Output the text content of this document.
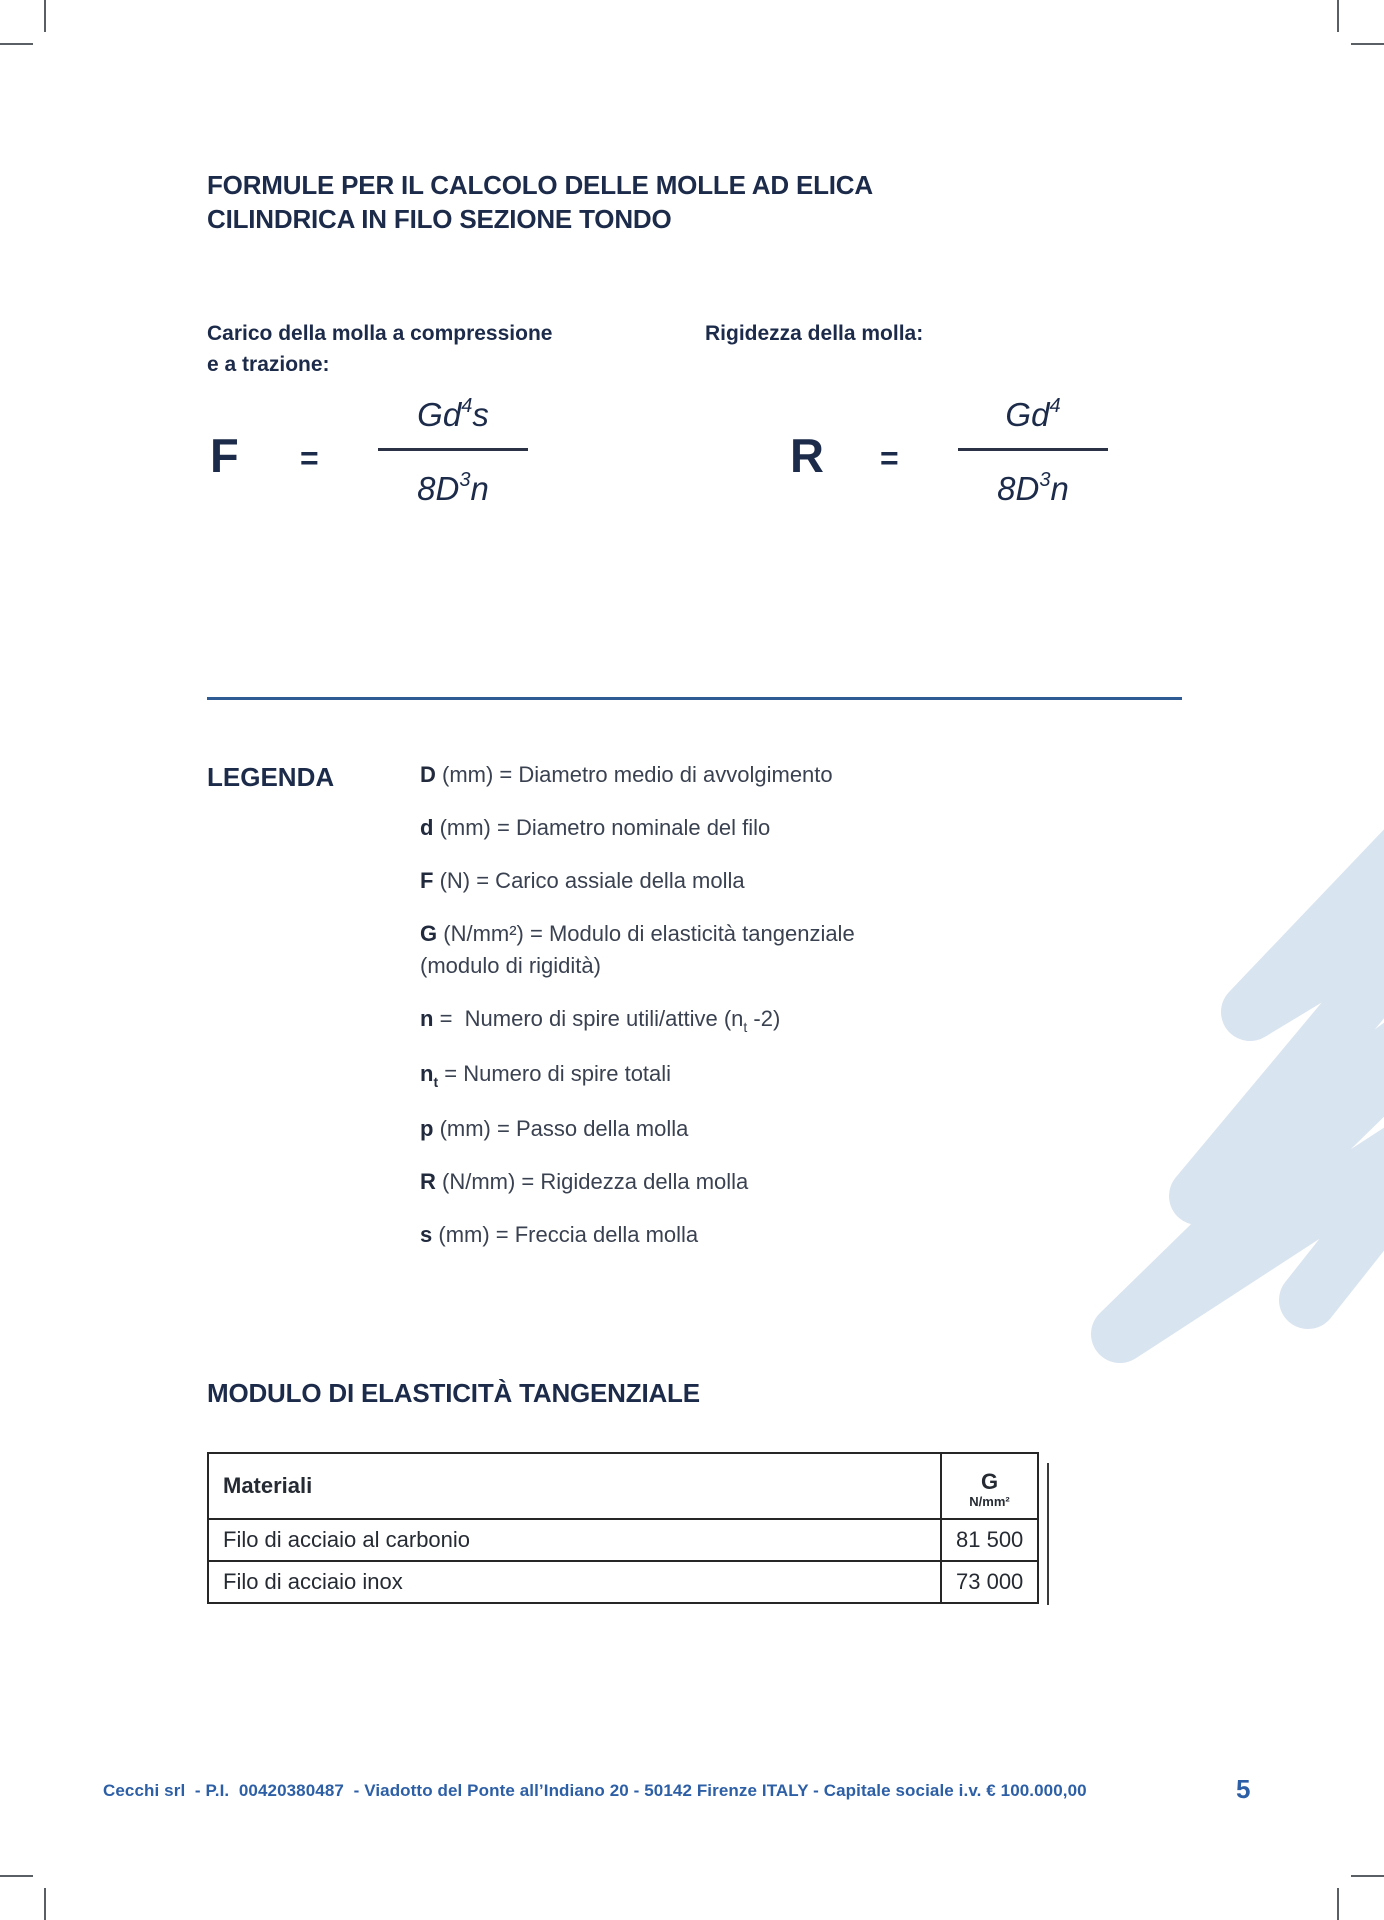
FORMULE PER IL CALCOLO DELLE MOLLE AD ELICA
CILINDRICA IN FILO SEZIONE TONDO
Carico della molla a compressione
e a trazione:
Rigidezza della molla:
F =
$Gd^4s$
$8D^3n$
R =
$Gd^4$
$8D^3n$
LEGENDA	D (mm) = Diametro medio di avvolgimento
d (mm) = Diametro nominale del filo
F (N) = Carico assiale della molla
G (N/mm²) = Modulo di elasticità tangenziale
(modulo di rigidità)
n =  Numero di spire utili/attive ($n_t$ -2)
$n_t$ = Numero di spire totali
p (mm) = Passo della molla
R (N/mm) = Rigidezza della molla
s (mm) = Freccia della molla
MODULO DI ELASTICITÀ TANGENZIALE
Materiali	G
N/mm²

Filo di acciaio al carbonio	81 500
Filo di acciaio inox	73 000
Cecchi srl  - P.I.  00420380487  - Viadotto del Ponte all’Indiano 20 - 50142 Firenze ITALY - Capitale sociale i.v. € 100.000,00	5
